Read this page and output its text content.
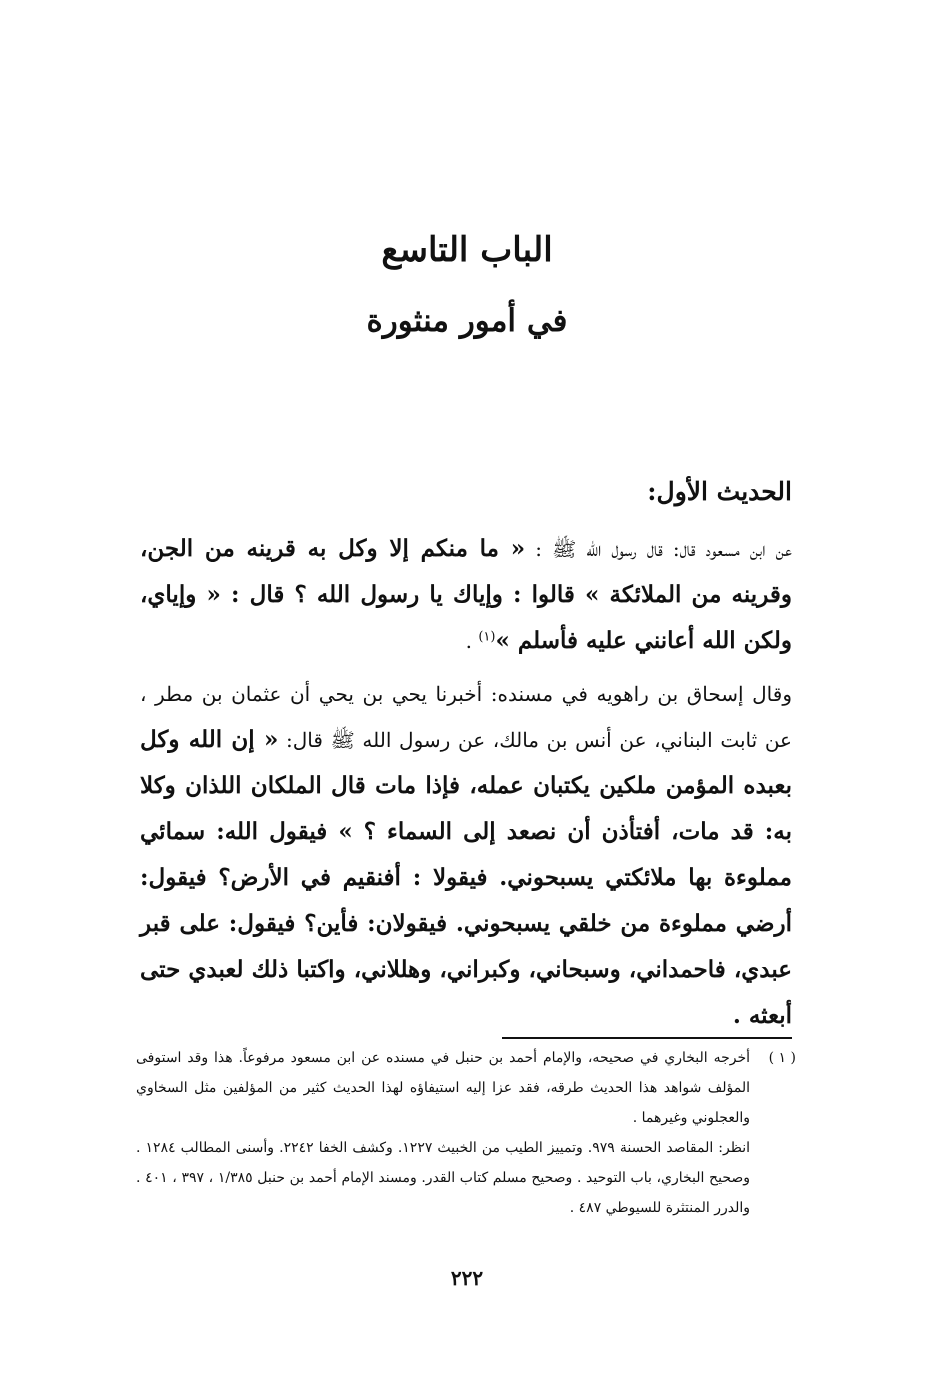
الباب التاسع
في أمور منثورة
الحديث الأول:
عن ابن مسعود قال: قال رسول الله ﷺ : « ما منكم إلا وكل به قرينه من الجن، وقرينه من الملائكة » قالوا : وإياك يا رسول الله ؟ قال : « وإياي، ولكن الله أعانني عليه فأسلم »$^{(١)}$ .
وقال إسحاق بن راهويه في مسنده: أخبرنا يحي بن يحي أن عثمان بن مطر ، عن ثابت البناني، عن أنس بن مالك، عن رسول الله ﷺ قال: « إن الله وكل بعبده المؤمن ملكين يكتبان عمله، فإذا مات قال الملكان اللذان وكلا به: قد مات، أفتأذن أن نصعد إلى السماء ؟ » فيقول الله: سمائي مملوءة بها ملائكتي يسبحوني. فيقولا : أفنقيم في الأرض؟ فيقول: أرضي مملوءة من خلقي يسبحوني. فيقولان: فأين؟ فيقول: على قبر عبدي، فاحمداني، وسبحاني، وكبراني، وهللاني، واكتبا ذلك لعبدي حتى أبعثه .
( ١ )
أخرجه البخاري في صحيحه، والإمام أحمد بن حنبل في مسنده عن ابن مسعود مرفوعاً. هذا وقد استوفى المؤلف شواهد هذا الحديث طرقه، فقد عزا إليه استيفاؤه لهذا الحديث كثير من المؤلفين مثل السخاوي والعجلوني وغيرهما .
انظر: المقاصد الحسنة ٩٧٩. وتمييز الطيب من الخبيث ١٢٢٧. وكشف الخفا ٢٢٤٢. وأسنى المطالب ١٢٨٤ . وصحيح البخاري، باب التوحيد . وصحيح مسلم كتاب القدر. ومسند الإمام أحمد بن حنبل ١/٣٨٥ ، ٣٩٧ ، ٤٠١ . والدرر المنتثرة للسيوطي ٤٨٧ .
٢٢٢
